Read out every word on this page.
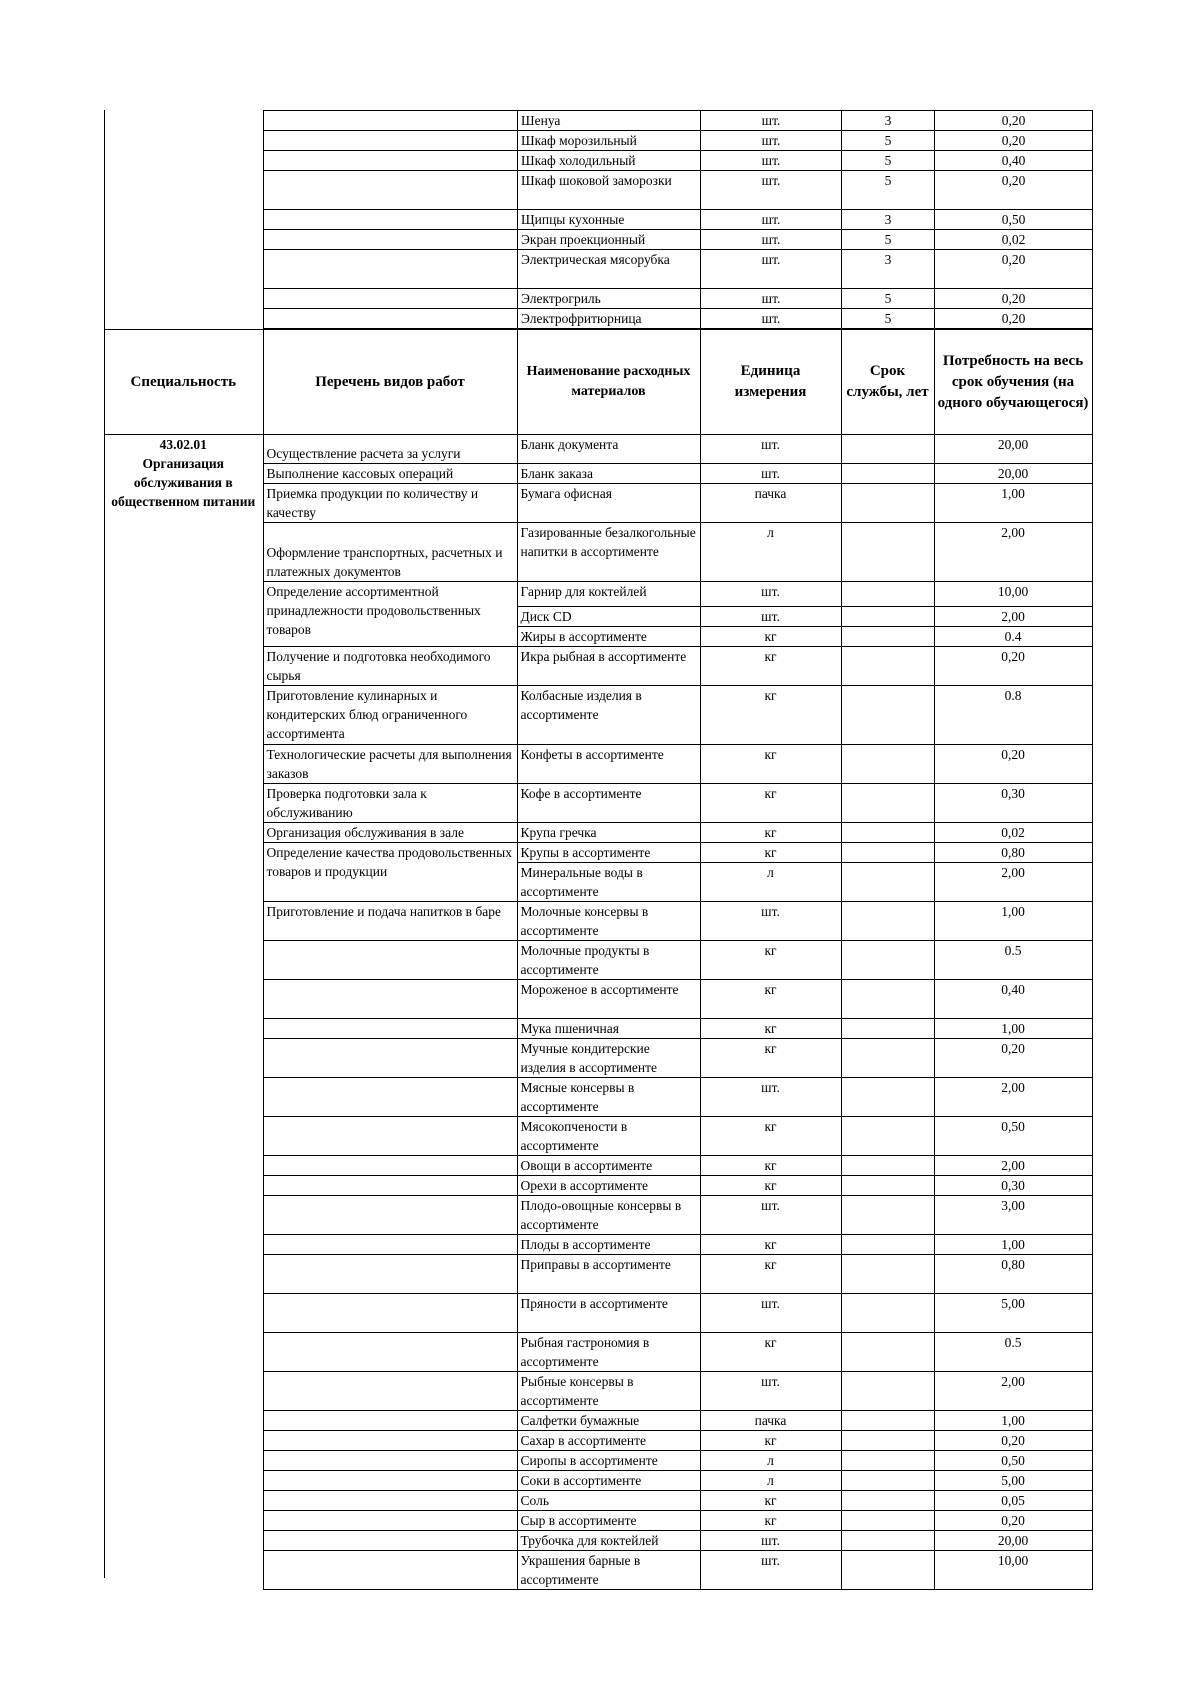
	Шенуа	шт.	3	0,20
	Шкаф морозильный	шт.	5	0,20
	Шкаф холодильный	шт.	5	0,40
	Шкаф шоковой заморозки	шт.	5	0,20
	Щипцы кухонные	шт.	3	0,50
	Экран проекционный	шт.	5	0,02
	Электрическая мясорубка	шт.	3	0,20
	Электрогриль	шт.	5	0,20
	Электрофритюрница	шт.	5	0,20
Специальность	Перечень видов работ	Наименование расходных материалов	Единица измерения	Срок службы, лет	Потребность на весь срок обучения (на одного обучающегося)

43.02.01
Организация обслуживания в общественном питании	Осуществление расчета за услуги	Бланк документа	шт.		20,00
	Выполнение кассовых операций	Бланк заказа	шт.		20,00
	Приемка продукции по количеству и качеству	Бумага офисная	пачка		1,00
	Оформление транспортных, расчетных и платежных документов	Газированные безалкогольные напитки в ассортименте	л		2,00
	Определение ассортиментной принадлежности продовольственных товаров	Гарнир для коктейлей	шт.		10,00
		Диск CD	шт.		2,00
		Жиры в ассортименте	кг		0.4
	Получение и подготовка необходимого сырья	Икра рыбная в ассортименте	кг		0,20
	Приготовление кулинарных и кондитерских блюд ограниченного ассортимента	Колбасные изделия в ассортименте	кг		0.8
	Технологические расчеты для выполнения заказов	Конфеты в ассортименте	кг		0,20
	Проверка подготовки зала к обслуживанию	Кофе в ассортименте	кг		0,30
	Организация обслуживания в зале	Крупа гречка	кг		0,02
	Определение качества продовольственных товаров и продукции	Крупы в ассортименте	кг		0,80
		Минеральные воды в ассортименте	л		2,00
	Приготовление и подача напитков в баре	Молочные консервы в ассортименте	шт.		1,00
		Молочные продукты в ассортименте	кг		0.5
		Мороженое в ассортименте	кг		0,40
		Мука пшеничная	кг		1,00
		Мучные кондитерские изделия в ассортименте	кг		0,20
		Мясные консервы в ассортименте	шт.		2,00
		Мясокопчености в ассортименте	кг		0,50
		Овощи в ассортименте	кг		2,00
		Орехи в ассортименте	кг		0,30
		Плодо-овощные консервы в ассортименте	шт.		3,00
		Плоды в ассортименте	кг		1,00
		Приправы в ассортименте	кг		0,80
		Пряности в ассортименте	шт.		5,00
		Рыбная гастрономия в ассортименте	кг		0.5
		Рыбные консервы в ассортименте	шт.		2,00
		Салфетки бумажные	пачка		1,00
		Сахар в ассортименте	кг		0,20
		Сиропы в ассортименте	л		0,50
		Соки в ассортименте	л		5,00
		Соль	кг		0,05
		Сыр в ассортименте	кг		0,20
		Трубочка для коктейлей	шт.		20,00
		Украшения барные в ассортименте	шт.		10,00
